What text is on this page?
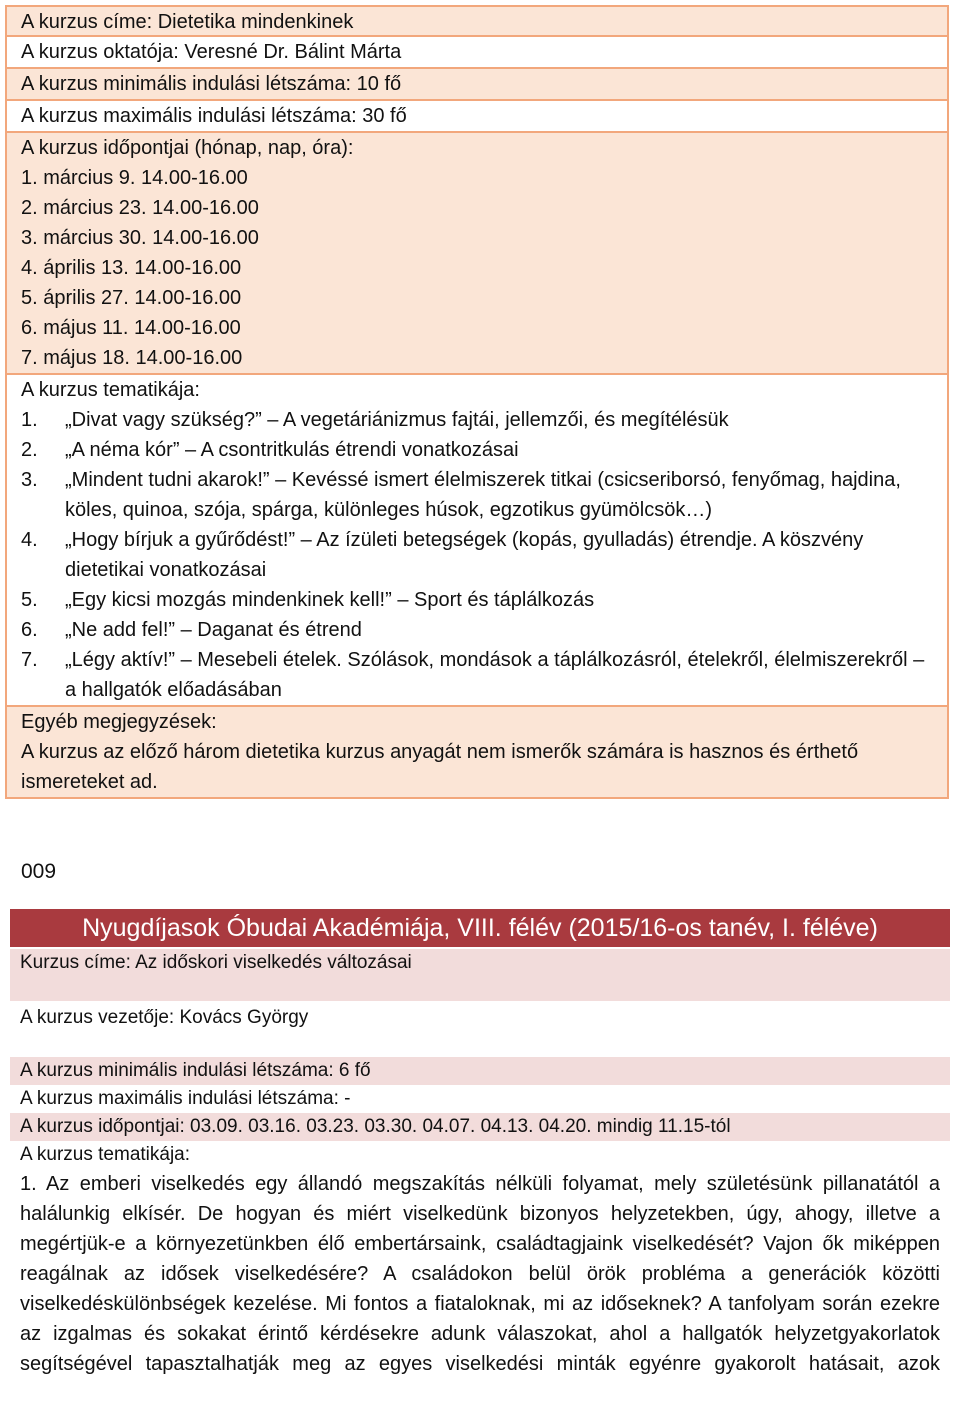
A kurzus címe: Dietetika mindenkinek
A kurzus oktatója: Veresné Dr. Bálint Márta
A kurzus minimális indulási létszáma: 10 fő
A kurzus maximális indulási létszáma: 30 fő
A kurzus időpontjai (hónap, nap, óra):
1. március 9. 14.00-16.00
2. március 23. 14.00-16.00
3. március 30. 14.00-16.00
4. április 13. 14.00-16.00
5. április 27. 14.00-16.00
6. május 11. 14.00-16.00
7. május 18. 14.00-16.00
A kurzus tematikája:
1.	„Divat vagy szükség?” – A vegetáriánizmus fajtái, jellemzői, és megítélésük
2.	„A néma kór” – A csontritkulás étrendi vonatkozásai
3.	„Mindent tudni akarok!” – Kevéssé ismert élelmiszerek titkai (csicseriborsó, fenyőmag, hajdina, köles, quinoa, szója, spárga, különleges húsok, egzotikus gyümölcsök…)
4.	„Hogy bírjuk a gyűrődést!” – Az ízületi betegségek (kopás, gyulladás) étrendje. A köszvény dietetikai vonatkozásai
5.	„Egy kicsi mozgás mindenkinek kell!” – Sport és táplálkozás
6.	„Ne add fel!” – Daganat és étrend
7.	„Légy aktív!” – Mesebeli ételek. Szólások, mondások a táplálkozásról, ételekről, élelmiszerekről – a hallgatók előadásában
Egyéb megjegyzések:
A kurzus az előző három dietetika kurzus anyagát nem ismerők számára is hasznos és érthető ismereteket ad.
009
Nyugdíjasok Óbudai Akadémiája, VIII. félév (2015/16-os tanév, I. féléve)
Kurzus címe: Az időskori viselkedés változásai
A kurzus vezetője: Kovács György
A kurzus minimális indulási létszáma: 6 fő
A kurzus maximális indulási létszáma: -
A kurzus időpontjai: 03.09. 03.16. 03.23. 03.30. 04.07. 04.13. 04.20. mindig 11.15-tól
A kurzus tematikája:
1. Az emberi viselkedés egy állandó megszakítás nélküli folyamat, mely születésünk pillanatától a halálunkig elkísér. De hogyan és miért viselkedünk bizonyos helyzetekben, úgy, ahogy, illetve a megértjük-e a környezetünkben élő embertársaink, családtagjaink viselkedését? Vajon ők miképpen reagálnak az idősek viselkedésére? A családokon belül örök probléma a generációk közötti viselkedéskülönbségek kezelése. Mi fontos a fiataloknak, mi az időseknek? A tanfolyam során ezekre az izgalmas és sokakat érintő kérdésekre adunk válaszokat, ahol a hallgatók helyzetgyakorlatok segítségével tapasztalhatják meg az egyes viselkedési minták egyénre gyakorolt hatásait, azok
